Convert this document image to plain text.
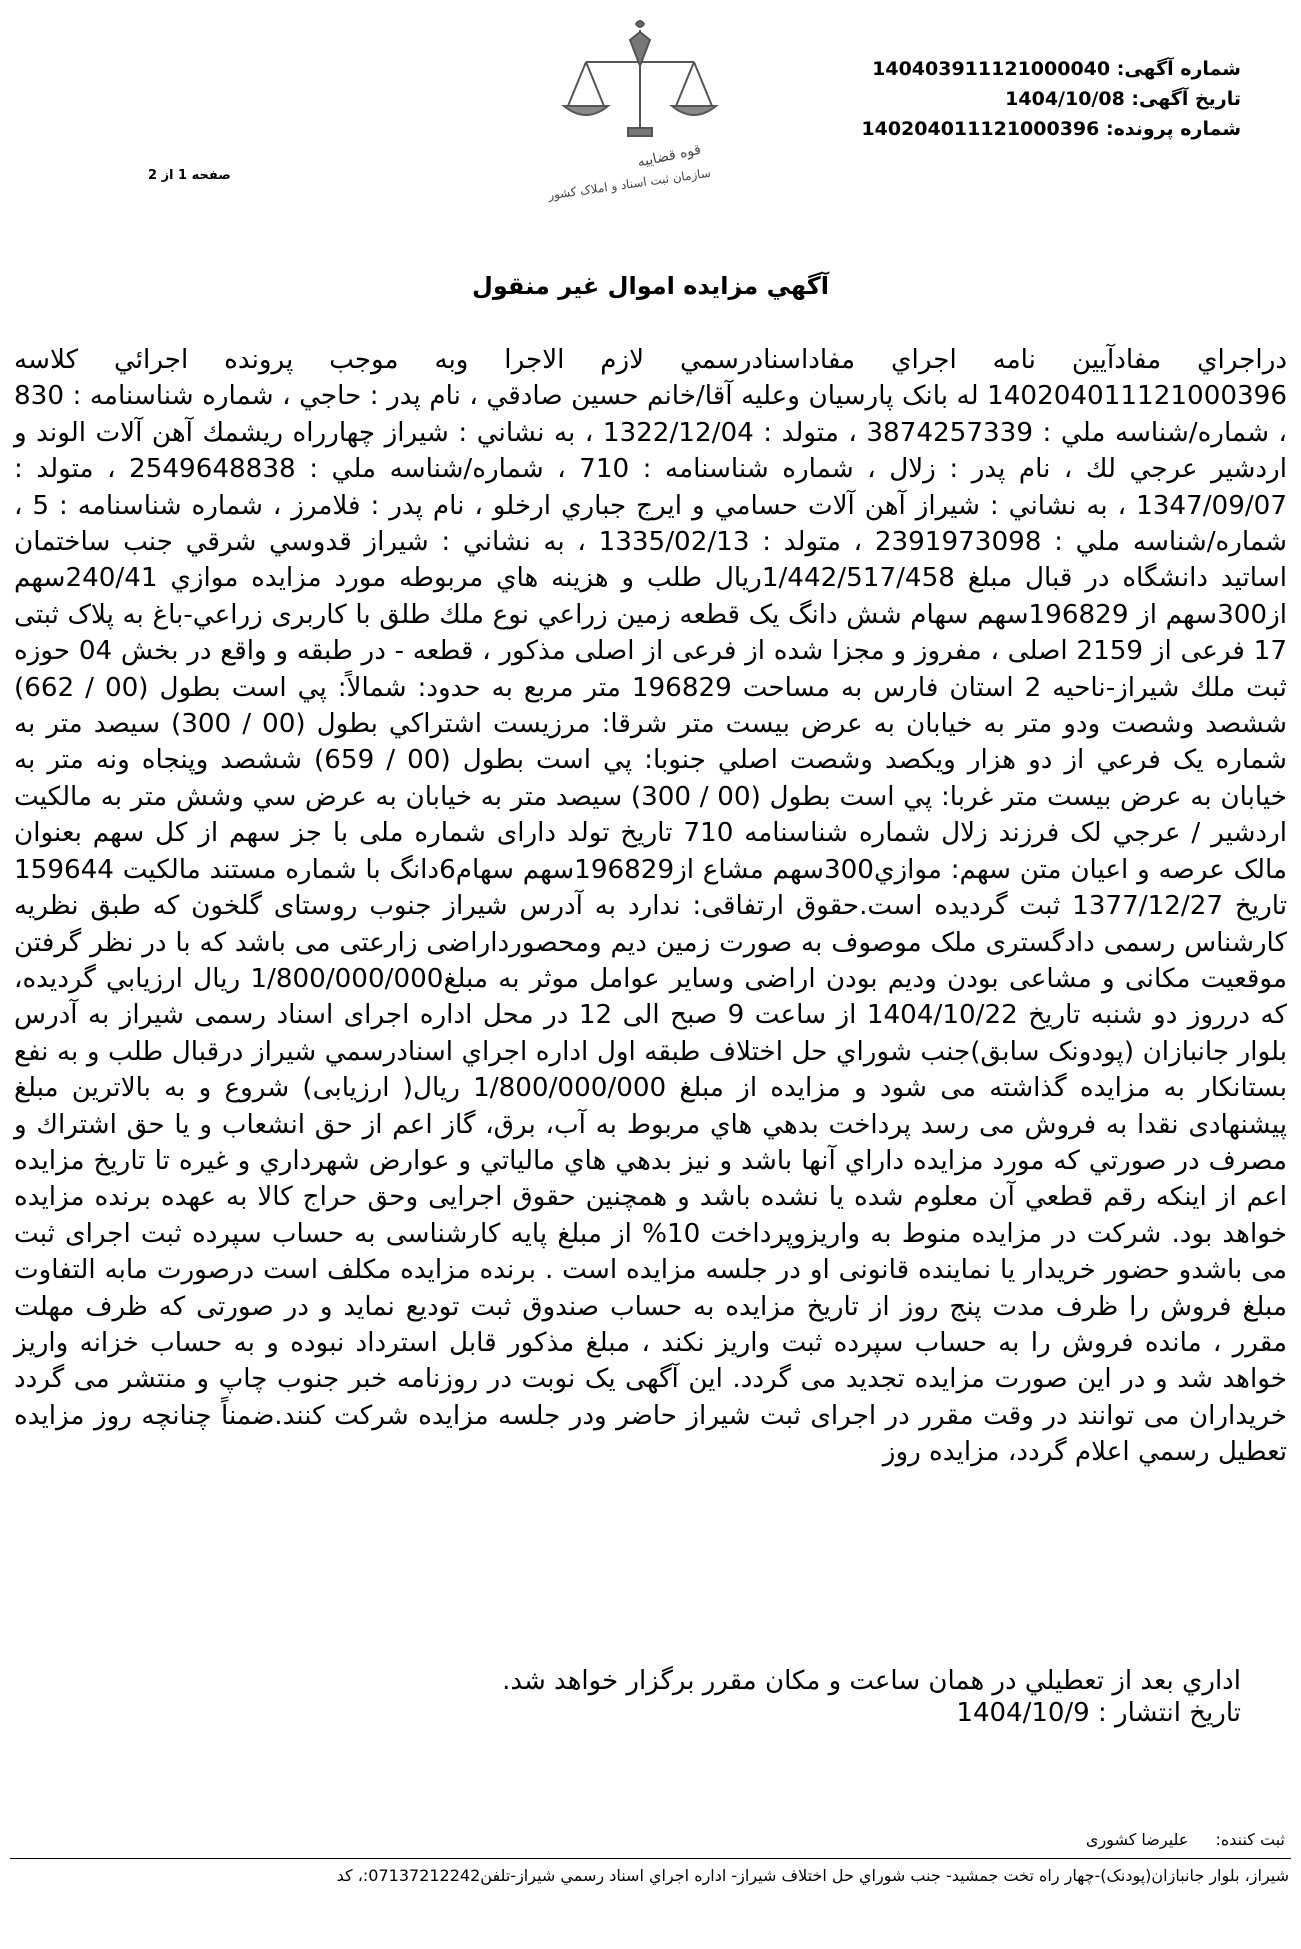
شماره آگهی: 140403911121000040
تاریخ آگهی: 1404/10/08
شماره پرونده: 140204011121000396
صفحه 1 از 2
قوه قضاییه
سازمان ثبت اسناد و املاک کشور
آگهي مزايده اموال غير منقول

دراجراي مفادآيين نامه اجراي مفاداسنادرسمي لازم الاجرا وبه موجب پرونده اجرائي كلاسه 140204011121000396 له بانک پارسیان وعليه آقا/خانم حسين صادقي ، نام پدر : حاجي ، شماره شناسنامه : 830 ، شماره/شناسه ملي : 3874257339 ، متولد : 1322/12/04 ، به نشاني : شيراز چهارراه ريشمك آهن آلات الوند و اردشير عرجي لك ، نام پدر : زلال ، شماره شناسنامه : 710 ، شماره/شناسه ملي : 2549648838 ، متولد : 1347/09/07 ، به نشاني : شيراز آهن آلات حسامي و ايرج جباري ارخلو ، نام پدر : فلامرز ، شماره شناسنامه : 5 ، شماره/شناسه ملي : 2391973098 ، متولد : 1335/02/13 ، به نشاني : شيراز قدوسي شرقي جنب ساختمان اساتيد دانشگاه در قبال مبلغ 1/442/517/458ريال طلب و هزينه هاي مربوطه مورد مزايده موازي 240/41سهم از300سهم از 196829سهم سهام شش دانگ یک قطعه زمين زراعي نوع ملك طلق با کاربری زراعي-باغ به پلاک ثبتی 17 فرعی از 2159 اصلی ، مفروز و مجزا شده از فرعی از اصلی مذکور ، قطعه - در طبقه و واقع در بخش 04 حوزه ثبت ملك شيراز-ناحيه 2 استان فارس به مساحت 196829 متر مربع به حدود: شمالاً: پي است بطول (00 / 662) ششصد وشصت ودو متر به خيابان به عرض بيست متر شرقا: مرزيست اشتراكي بطول (00 / 300) سيصد متر به شماره يک فرعي از دو هزار ويكصد وشصت اصلي جنوبا: پي است بطول (00 / 659) ششصد وپنجاه ونه متر به خيابان به عرض بيست متر غربا: پي است بطول (00 / 300) سيصد متر به خيابان به عرض سي وشش متر به مالكيت اردشير / عرجي لک فرزند زلال شماره شناسنامه 710 تاريخ تولد دارای شماره ملی با جز سهم از کل سهم بعنوان مالک عرصه و اعيان متن سهم: موازي300سهم مشاع از196829سهم سهام6دانگ با شماره مستند مالكيت 159644 تاريخ 1377/12/27 ثبت گرديده است.حقوق ارتفاقی: ندارد به آدرس شيراز جنوب روستای گلخون که طبق نظريه کارشناس رسمی دادگستری ملک موصوف به صورت زمین دیم ومحصورداراضی زارعتی می باشد که با در نظر گرفتن موقعیت مکانی و مشاعی بودن ودیم بودن اراضی وسایر عوامل موثر به مبلغ1/800/000/000 ريال ارزيابي گرديده، كه درروز دو شنبه تاريخ 1404/10/22 از ساعت 9 صبح الی 12 در محل اداره اجرای اسناد رسمی شيراز به آدرس بلوار جانبازان (پودونک سابق)جنب شوراي حل اختلاف طبقه اول اداره اجراي اسنادرسمي شيراز درقبال طلب و به نفع بستانكار به مزايده گذاشته می شود و مزايده از مبلغ 1/800/000/000 ريال( ارزيابی) شروع و به بالاترين مبلغ پيشنهادی نقدا به فروش می رسد پرداخت بدهي هاي مربوط به آب، برق، گاز اعم از حق انشعاب و يا حق اشتراك و مصرف در صورتي كه مورد مزايده داراي آنها باشد و نيز بدهي هاي مالياتي و عوارض شهرداري و غيره تا تاريخ مزايده اعم از اينكه رقم قطعي آن معلوم شده يا نشده باشد و همچنين حقوق اجرايی وحق حراج كالا به عهده برنده مزايده خواهد بود. شرکت در مزایده منوط به واریزوپرداخت 10% از مبلغ پایه کارشناسی به حساب سپرده ثبت اجرای ثبت می باشدو حضور خریدار یا نماینده قانونی او در جلسه مزایده است . برنده مزایده مکلف است درصورت مابه التفاوت مبلغ فروش را ظرف مدت پنج روز از تاریخ مزایده به حساب صندوق ثبت تودیع نماید و در صورتی که ظرف مهلت مقرر ، مانده فروش را به حساب سپرده ثبت واریز نکند ، مبلغ مذکور قابل استرداد نبوده و به حساب خزانه واریز خواهد شد و در این صورت مزایده تجدید می گردد. اين آگهی يک نوبت در روزنامه خبر جنوب چاپ و منتشر می گردد خريداران می توانند در وقت مقرر در اجرای ثبت شيراز حاضر ودر جلسه مزايده شرکت کنند.ضمناً چنانچه روز مزايده تعطيل رسمي اعلام گردد، مزايده روز

اداري بعد از تعطيلي در همان ساعت و مكان مقرر برگزار خواهد شد.
تاريخ انتشار : 1404/10/9
ثبت کننده: علیرضا کشوری
شيراز، بلوار جانبازان(پودنک)-چهار راه تخت جمشيد- جنب شوراي حل اختلاف شيراز- اداره اجراي اسناد رسمي شيراز-تلفن07137212242:، کد
